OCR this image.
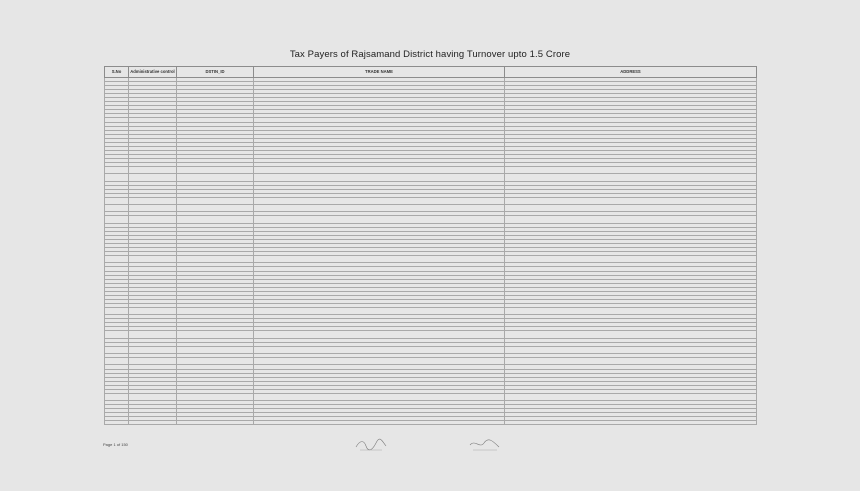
Tax Payers of Rajsamand District having Turnover upto 1.5 Crore
S.No	Administrative control	DSTIN_ID	TRADE NAME	ADDRESS

Page 1 of 150
